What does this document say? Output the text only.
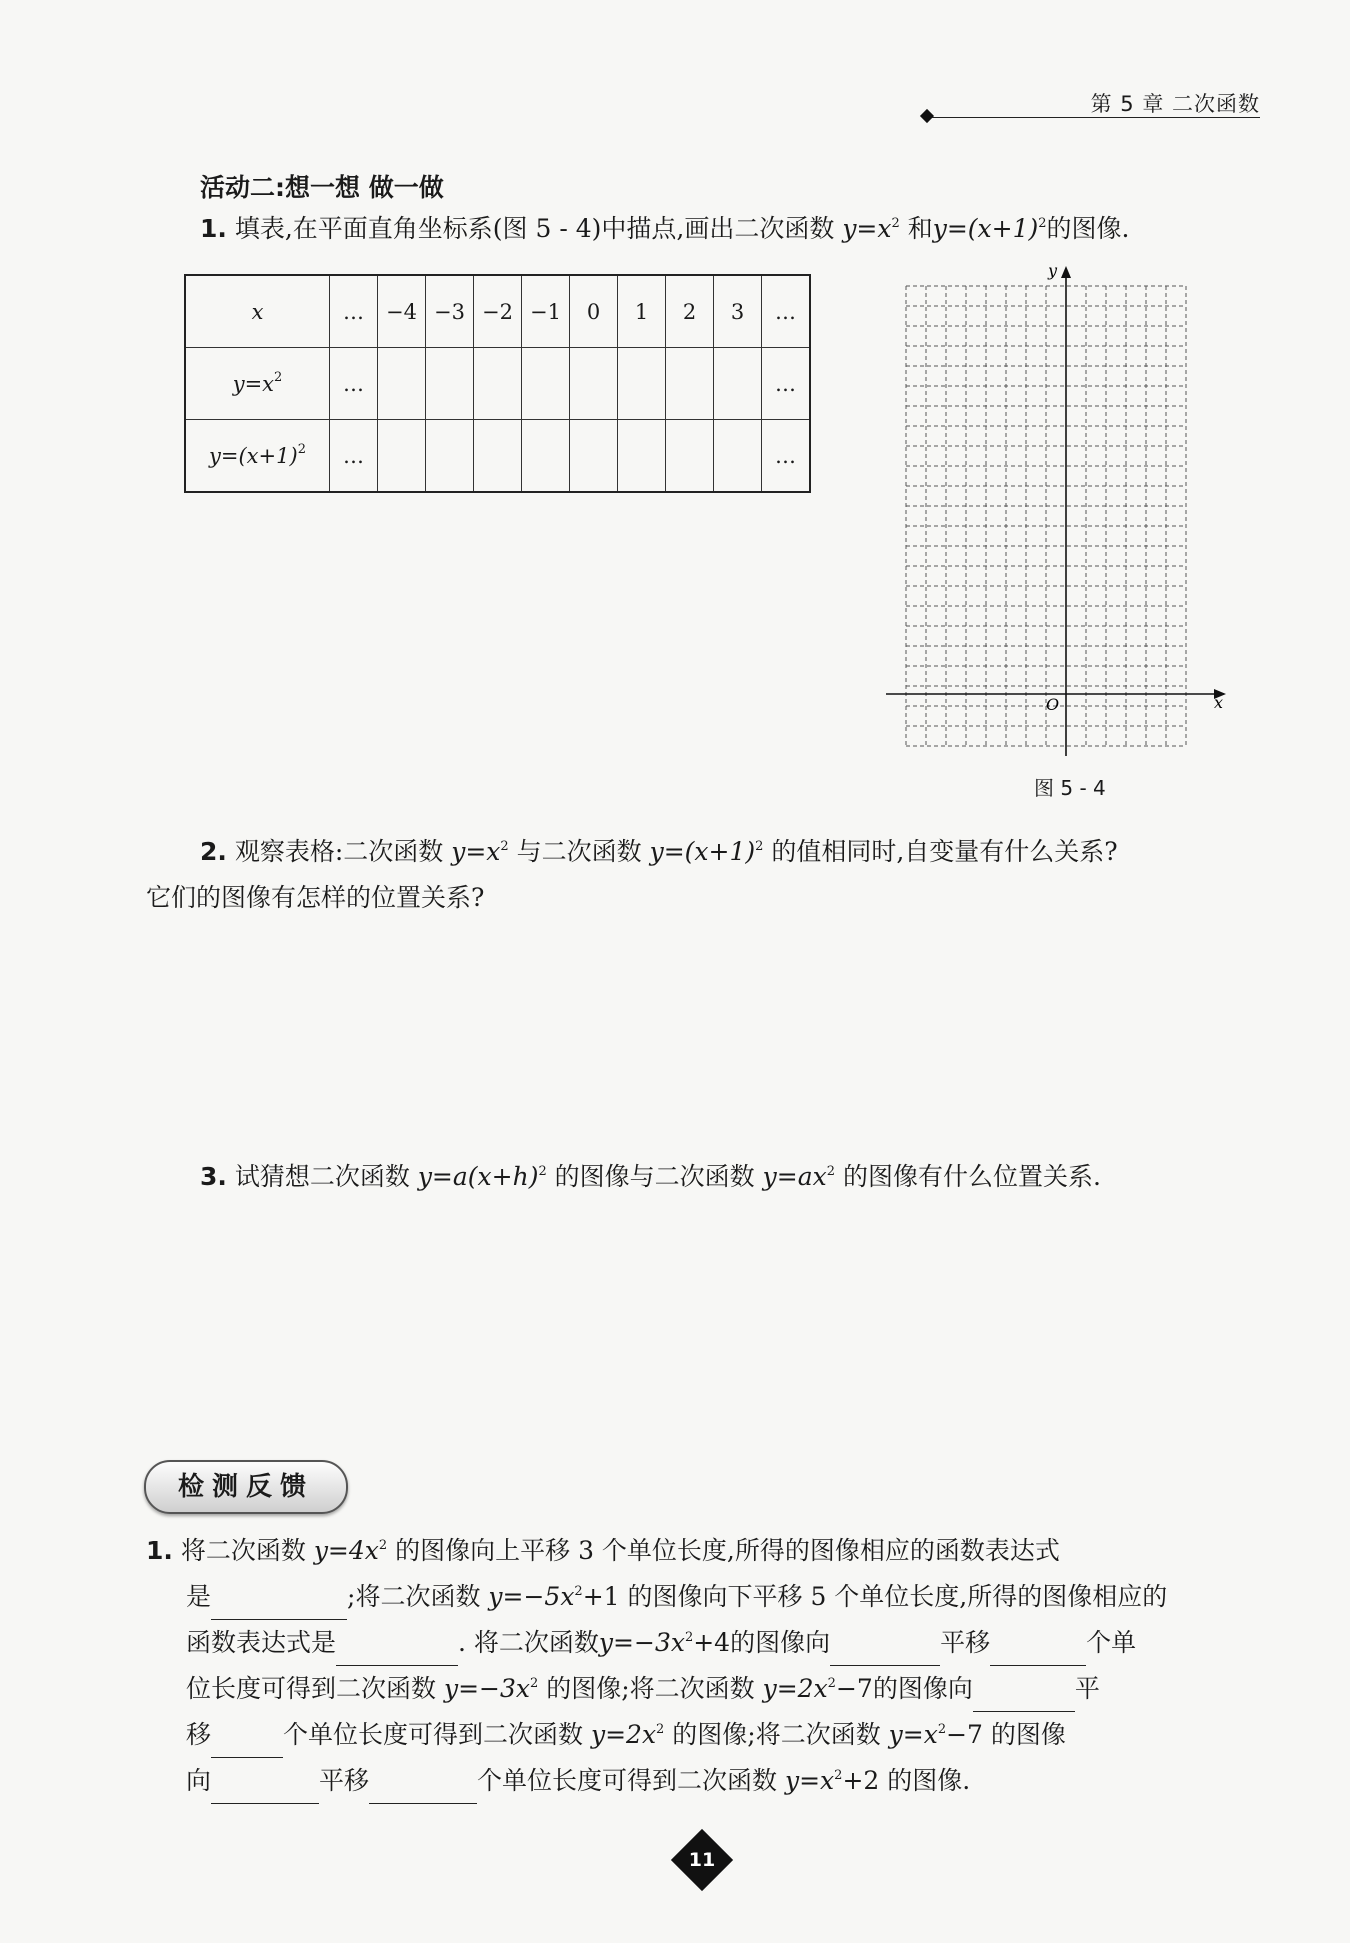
第 5 章 二次函数
活动二:想一想 做一做
1. 填表,在平面直角坐标系(图 5 - 4)中描点,画出二次函数 $y=x^2$ 和$y=(x+1)^2$的图像.
x	…	−4	−3	−2	−1	0	1	2	3	…
$y=x^2$	…									…
$y=(x+1)^2$	…									…
y
x
O
图 5 - 4
2. 观察表格:二次函数 $y=x^2$ 与二次函数 $y=(x+1)^2$ 的值相同时,自变量有什么关系?
它们的图像有怎样的位置关系?
3. 试猜想二次函数 $y=a(x+h)^2$ 的图像与二次函数 $y=ax^2$ 的图像有什么位置关系.
检测反馈
1. 将二次函数 $y=4x^2$ 的图像向上平移 3 个单位长度,所得的图像相应的函数表达式
是	;将二次函数 $y=-5x^2+1$ 的图像向下平移 5 个单位长度,所得的图像相应的
函数表达式是	. 将二次函数$y=-3x^2+4$的图像向	平移	个单
位长度可得到二次函数 $y=-3x^2$ 的图像;将二次函数 $y=2x^2-7$的图像向	平
移	个单位长度可得到二次函数 $y=2x^2$ 的图像;将二次函数 $y=x^2-7$ 的图像
向	平移	个单位长度可得到二次函数 $y=x^2+2$ 的图像.
11
